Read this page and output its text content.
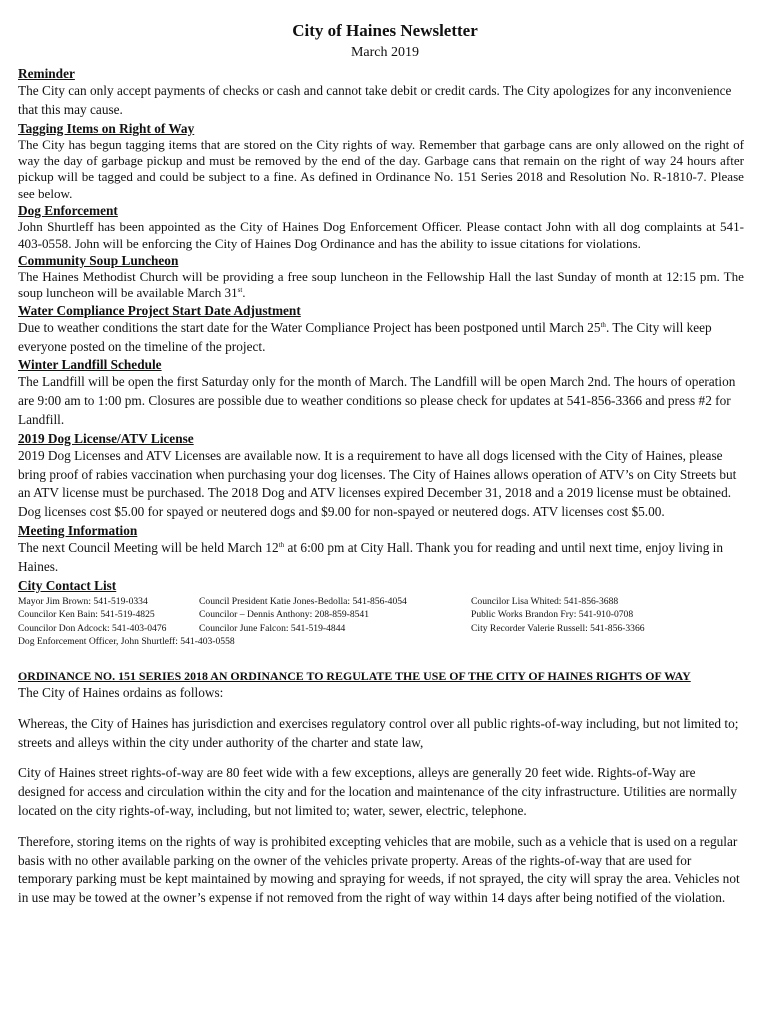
City of Haines Newsletter
March 2019

Reminder

The City can only accept payments of checks or cash and cannot take debit or credit cards. The City apologizes for any inconvenience that this may cause.

Tagging Items on Right of Way

The City has begun tagging items that are stored on the City rights of way. Remember that garbage cans are only allowed on the right of way the day of garbage pickup and must be removed by the end of the day. Garbage cans that remain on the right of way 24 hours after pickup will be tagged and could be subject to a fine. As defined in Ordinance No. 151 Series 2018 and Resolution No. R-1810-7. Please see below.

Dog Enforcement

John Shurtleff has been appointed as the City of Haines Dog Enforcement Officer. Please contact John with all dog complaints at 541-403-0558. John will be enforcing the City of Haines Dog Ordinance and has the ability to issue citations for violations.

Community Soup Luncheon

The Haines Methodist Church will be providing a free soup luncheon in the Fellowship Hall the last Sunday of month at 12:15 pm. The soup luncheon will be available March 31st.

Water Compliance Project Start Date Adjustment

Due to weather conditions the start date for the Water Compliance Project has been postponed until March 25th. The City will keep everyone posted on the timeline of the project.

Winter Landfill Schedule

The Landfill will be open the first Saturday only for the month of March. The Landfill will be open March 2nd. The hours of operation are 9:00 am to 1:00 pm. Closures are possible due to weather conditions so please check for updates at 541-856-3366 and press #2 for Landfill.

2019 Dog License/ATV License

2019 Dog Licenses and ATV Licenses are available now. It is a requirement to have all dogs licensed with the City of Haines, please bring proof of rabies vaccination when purchasing your dog licenses. The City of Haines allows operation of ATV’s on City Streets but an ATV license must be purchased. The 2018 Dog and ATV licenses expired December 31, 2018 and a 2019 license must be obtained. Dog licenses cost $5.00 for spayed or neutered dogs and $9.00 for non-spayed or neutered dogs. ATV licenses cost $5.00.

Meeting Information

The next Council Meeting will be held March 12th at 6:00 pm at City Hall. Thank you for reading and until next time, enjoy living in Haines.

City Contact List

Mayor Jim Brown: 541-519-0334	Council President Katie Jones-Bedolla: 541-856-4054	Councilor Lisa Whited: 541-856-3688
Councilor Ken Bain: 541-519-4825	Councilor – Dennis Anthony: 208-859-8541	Public Works Brandon Fry: 541-910-0708
Councilor Don Adcock: 541-403-0476	Councilor June Falcon: 541-519-4844	City Recorder Valerie Russell: 541-856-3366
Dog Enforcement Officer, John Shurtleff: 541-403-0558

ORDINANCE NO. 151 SERIES 2018 AN ORDINANCE TO REGULATE THE USE OF THE CITY OF HAINES RIGHTS OF WAY

The City of Haines ordains as follows:

Whereas, the City of Haines has jurisdiction and exercises regulatory control over all public rights-of-way including, but not limited to; streets and alleys within the city under authority of the charter and state law,

City of Haines street rights-of-way are 80 feet wide with a few exceptions, alleys are generally 20 feet wide. Rights-of-Way are designed for access and circulation within the city and for the location and maintenance of the city infrastructure. Utilities are normally located on the city rights-of-way, including, but not limited to; water, sewer, electric, telephone.

Therefore, storing items on the rights of way is prohibited excepting vehicles that are mobile, such as a vehicle that is used on a regular basis with no other available parking on the owner of the vehicles private property. Areas of the rights-of-way that are used for temporary parking must be kept maintained by mowing and spraying for weeds, if not sprayed, the city will spray the area. Vehicles not in use may be towed at the owner’s expense if not removed from the right of way within 14 days after being notified of the violation.
